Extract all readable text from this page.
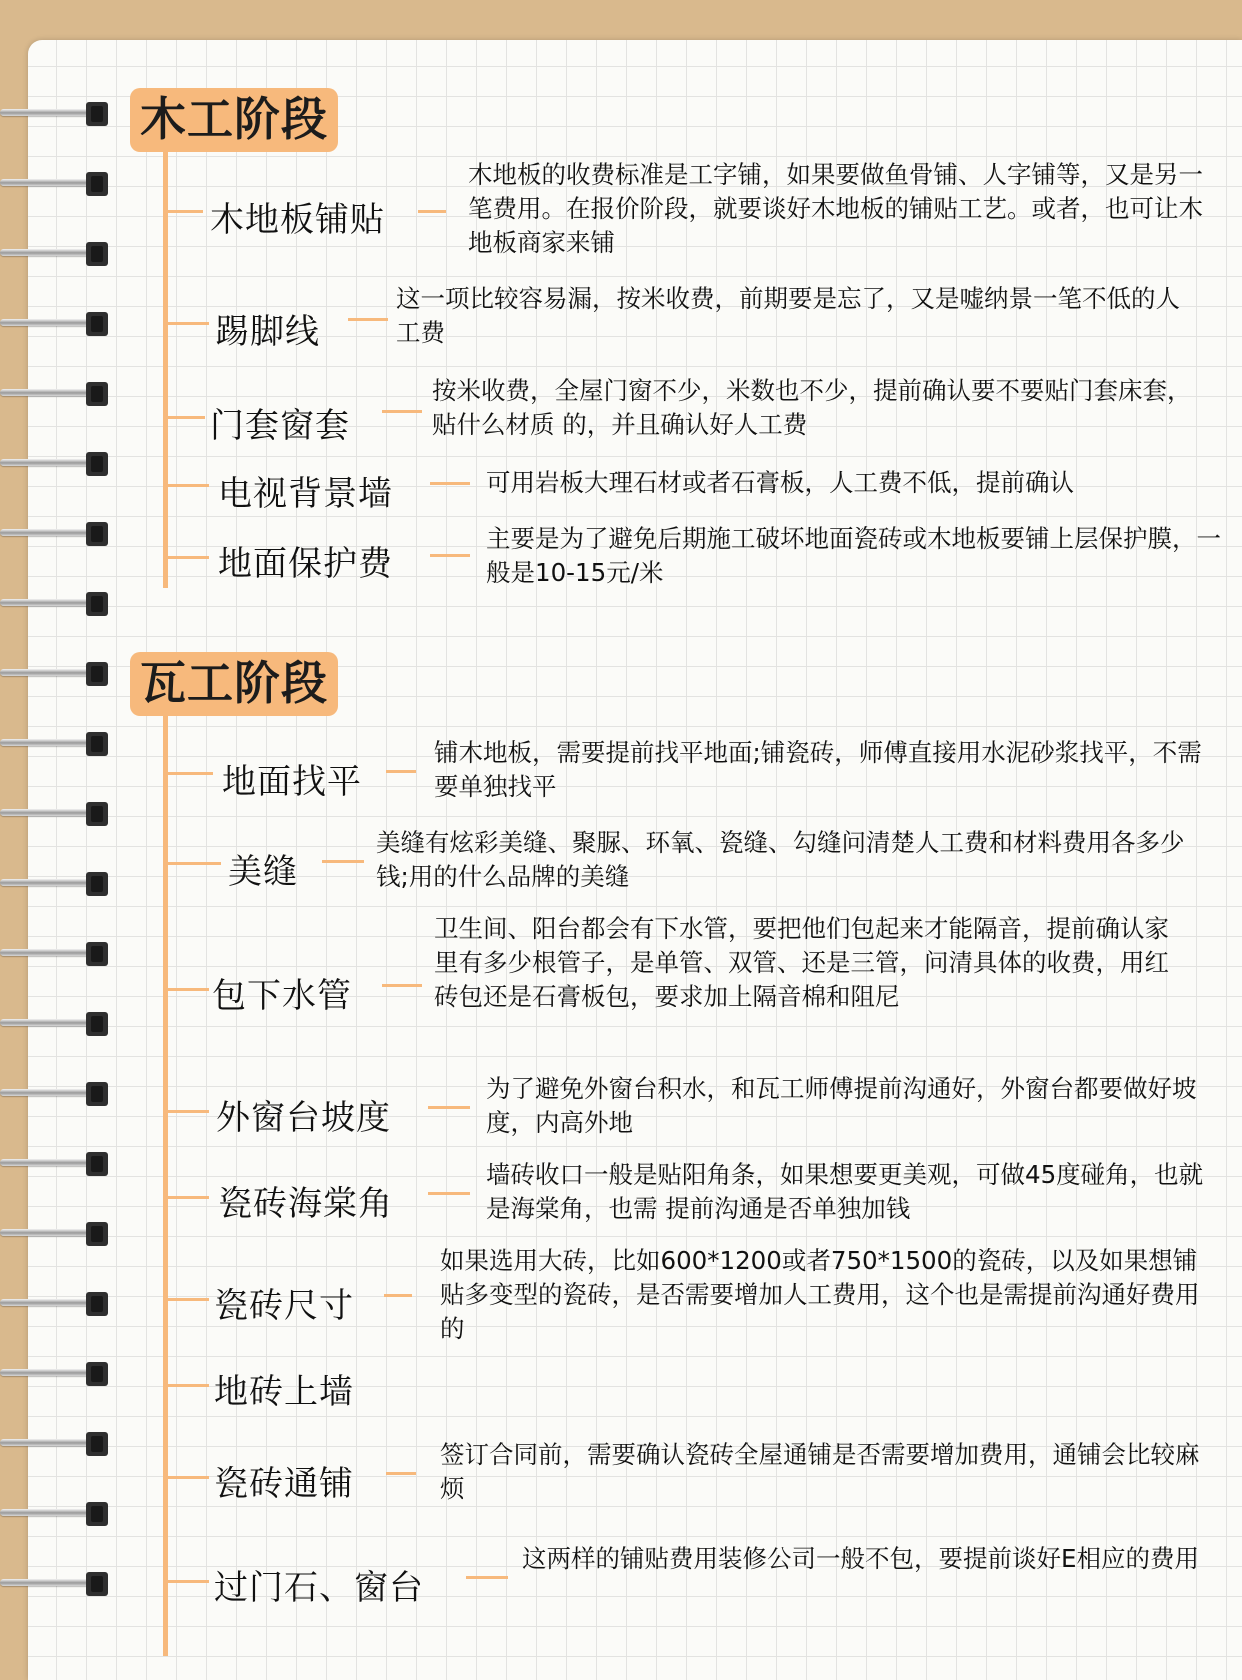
木工阶段
木地板铺贴
木地板的收费标准是工字铺，如果要做鱼骨铺、人字铺等，又是另一笔费用。在报价阶段，就要谈好木地板的铺贴工艺。或者，也可让木地板商家来铺
踢脚线
这一项比较容易漏，按米收费，前期要是忘了，又是嘘纳景一笔不低的人工费
门套窗套
按米收费，全屋门窗不少，米数也不少，提前确认要不要贴门套床套，贴什么材质 的，并且确认好人工费
电视背景墙	可用岩板大理石材或者石膏板，人工费不低，提前确认
地面保护费
主要是为了避免后期施工破坏地面瓷砖或木地板要铺上层保护膜，一般是10-15元/米
瓦工阶段
地面找平
铺木地板，需要提前找平地面;铺瓷砖，师傅直接用水泥砂浆找平，不需要单独找平
美缝
美缝有炫彩美缝、聚脲、环氧、瓷缝、勾缝问清楚人工费和材料费用各多少钱;用的什么品牌的美缝
包下水管
卫生间、阳台都会有下水管，要把他们包起来才能隔音，提前确认家里有多少根管子，是单管、双管、还是三管，问清具体的收费，用红砖包还是石膏板包，要求加上隔音棉和阻尼
外窗台坡度
为了避免外窗台积水，和瓦工师傅提前沟通好，外窗台都要做好坡度，内高外地
瓷砖海棠角
墙砖收口一般是贴阳角条，如果想要更美观，可做45度碰角，也就是海棠角，也需 提前沟通是否单独加钱
瓷砖尺寸
如果选用大砖，比如600*1200或者750*1500的瓷砖，以及如果想铺贴多变型的瓷砖，是否需要增加人工费用，这个也是需提前沟通好费用的
地砖上墙
瓷砖通铺
签订合同前，需要确认瓷砖全屋通铺是否需要增加费用，通铺会比较麻烦
过门石、窗台
这两样的铺贴费用装修公司一般不包，要提前谈好E相应的费用
